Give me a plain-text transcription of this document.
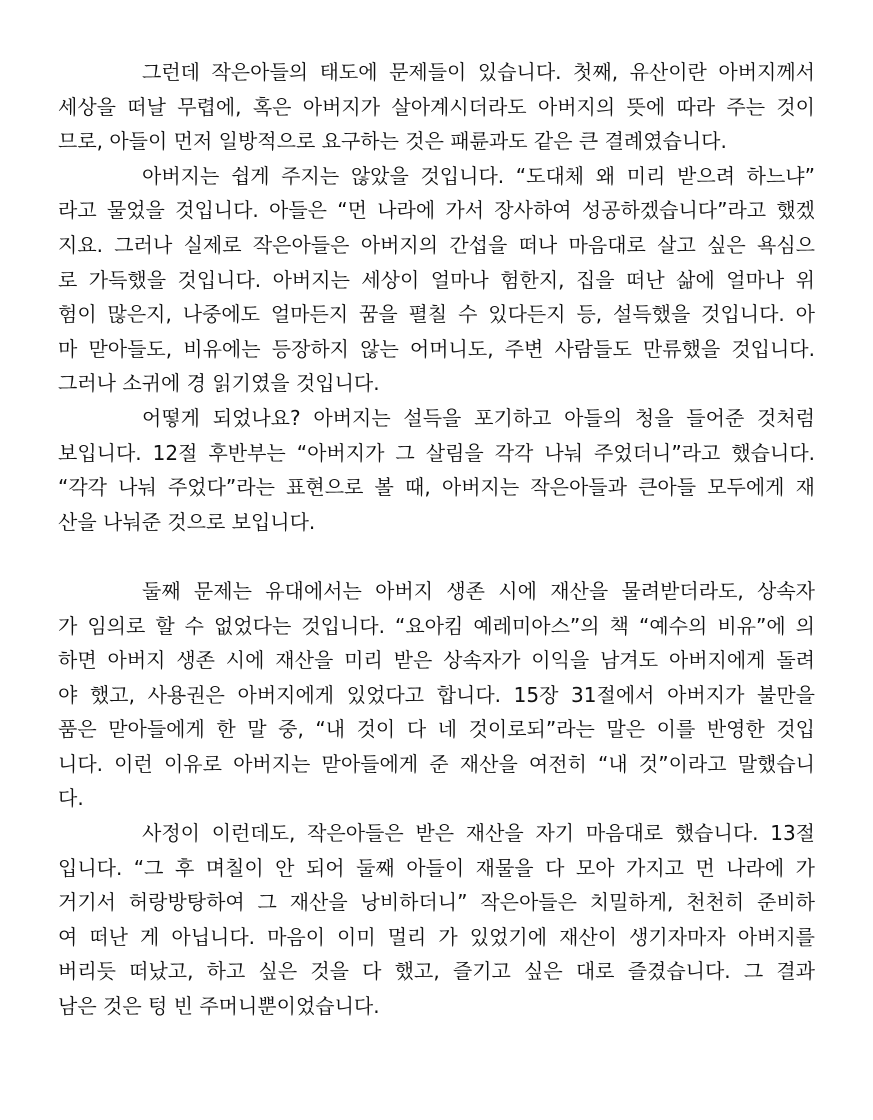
그런데 작은아들의 태도에 문제들이 있습니다. 첫째, 유산이란 아버지께서
세상을 떠날 무렵에, 혹은 아버지가 살아계시더라도 아버지의 뜻에 따라 주는 것이
므로, 아들이 먼저 일방적으로 요구하는 것은 패륜과도 같은 큰 결례였습니다.
아버지는 쉽게 주지는 않았을 것입니다. “도대체 왜 미리 받으려 하느냐”
라고 물었을 것입니다. 아들은 “먼 나라에 가서 장사하여 성공하겠습니다”라고 했겠
지요. 그러나 실제로 작은아들은 아버지의 간섭을 떠나 마음대로 살고 싶은 욕심으
로 가득했을 것입니다. 아버지는 세상이 얼마나 험한지, 집을 떠난 삶에 얼마나 위
험이 많은지, 나중에도 얼마든지 꿈을 펼칠 수 있다든지 등, 설득했을 것입니다. 아
마 맏아들도, 비유에는 등장하지 않는 어머니도, 주변 사람들도 만류했을 것입니다.
그러나 소귀에 경 읽기였을 것입니다.
어떻게 되었나요? 아버지는 설득을 포기하고 아들의 청을 들어준 것처럼
보입니다. 12절 후반부는 “아버지가 그 살림을 각각 나눠 주었더니”라고 했습니다.
“각각 나눠 주었다”라는 표현으로 볼 때, 아버지는 작은아들과 큰아들 모두에게 재
산을 나눠준 것으로 보입니다.
둘째 문제는 유대에서는 아버지 생존 시에 재산을 물려받더라도, 상속자
가 임의로 할 수 없었다는 것입니다. “요아킴 예레미아스”의 책 “예수의 비유”에 의
하면 아버지 생존 시에 재산을 미리 받은 상속자가 이익을 남겨도 아버지에게 돌려
야 했고, 사용권은 아버지에게 있었다고 합니다. 15장 31절에서 아버지가 불만을
품은 맏아들에게 한 말 중, “내 것이 다 네 것이로되”라는 말은 이를 반영한 것입
니다. 이런 이유로 아버지는 맏아들에게 준 재산을 여전히 “내 것”이라고 말했습니
다.
사정이 이런데도, 작은아들은 받은 재산을 자기 마음대로 했습니다. 13절
입니다. “그 후 며칠이 안 되어 둘째 아들이 재물을 다 모아 가지고 먼 나라에 가
거기서 허랑방탕하여 그 재산을 낭비하더니” 작은아들은 치밀하게, 천천히 준비하
여 떠난 게 아닙니다. 마음이 이미 멀리 가 있었기에 재산이 생기자마자 아버지를
버리듯 떠났고, 하고 싶은 것을 다 했고, 즐기고 싶은 대로 즐겼습니다. 그 결과
남은 것은 텅 빈 주머니뿐이었습니다.
